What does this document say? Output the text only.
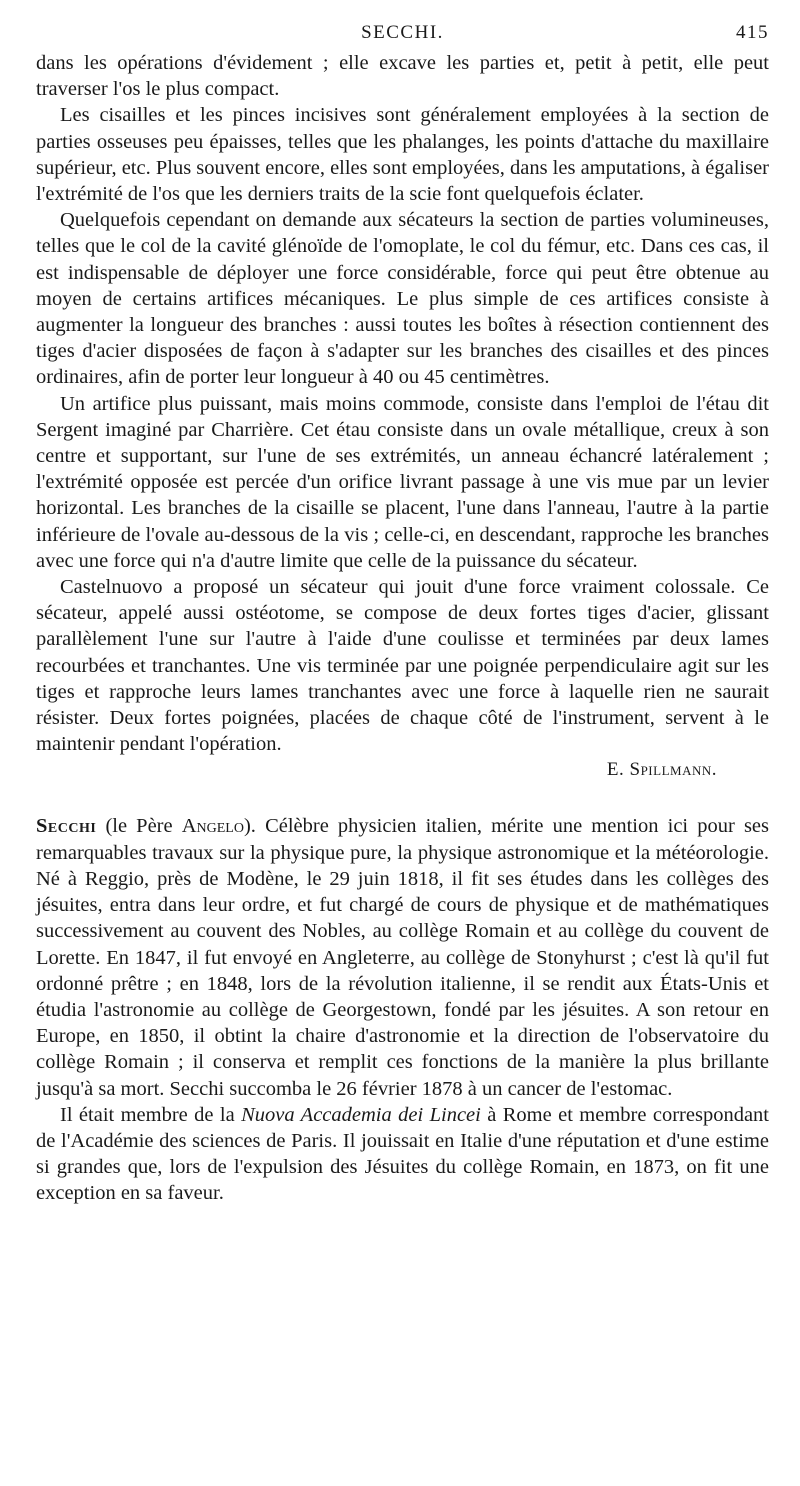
SECCHI.	415

dans les opérations d'évidement ; elle excave les parties et, petit à petit, elle peut traverser l'os le plus compact.

Les cisailles et les pinces incisives sont généralement employées à la section de parties osseuses peu épaisses, telles que les phalanges, les points d'attache du maxillaire supérieur, etc. Plus souvent encore, elles sont employées, dans les amputations, à égaliser l'extrémité de l'os que les derniers traits de la scie font quelquefois éclater.

Quelquefois cependant on demande aux sécateurs la section de parties volumineuses, telles que le col de la cavité glénoïde de l'omoplate, le col du fémur, etc. Dans ces cas, il est indispensable de déployer une force considérable, force qui peut être obtenue au moyen de certains artifices mécaniques. Le plus simple de ces artifices consiste à augmenter la longueur des branches : aussi toutes les boîtes à résection contiennent des tiges d'acier disposées de façon à s'adapter sur les branches des cisailles et des pinces ordinaires, afin de porter leur longueur à 40 ou 45 centimètres.

Un artifice plus puissant, mais moins commode, consiste dans l'emploi de l'étau dit Sergent imaginé par Charrière. Cet étau consiste dans un ovale métallique, creux à son centre et supportant, sur l'une de ses extrémités, un anneau échancré latéralement ; l'extrémité opposée est percée d'un orifice livrant passage à une vis mue par un levier horizontal. Les branches de la cisaille se placent, l'une dans l'anneau, l'autre à la partie inférieure de l'ovale au-dessous de la vis ; celle-ci, en descendant, rapproche les branches avec une force qui n'a d'autre limite que celle de la puissance du sécateur.

Castelnuovo a proposé un sécateur qui jouit d'une force vraiment colossale. Ce sécateur, appelé aussi ostéotome, se compose de deux fortes tiges d'acier, glissant parallèlement l'une sur l'autre à l'aide d'une coulisse et terminées par deux lames recourbées et tranchantes. Une vis terminée par une poignée perpendiculaire agit sur les tiges et rapproche leurs lames tranchantes avec une force à laquelle rien ne saurait résister. Deux fortes poignées, placées de chaque côté de l'instrument, servent à le maintenir pendant l'opération.

E. Spillmann.

Secchi (le Père Angelo). Célèbre physicien italien, mérite une mention ici pour ses remarquables travaux sur la physique pure, la physique astronomique et la météorologie. Né à Reggio, près de Modène, le 29 juin 1818, il fit ses études dans les collèges des jésuites, entra dans leur ordre, et fut chargé de cours de physique et de mathématiques successivement au couvent des Nobles, au collège Romain et au collège du couvent de Lorette. En 1847, il fut envoyé en Angleterre, au collège de Stonyhurst ; c'est là qu'il fut ordonné prêtre ; en 1848, lors de la révolution italienne, il se rendit aux États-Unis et étudia l'astronomie au collège de Georgestown, fondé par les jésuites. A son retour en Europe, en 1850, il obtint la chaire d'astronomie et la direction de l'observatoire du collège Romain ; il conserva et remplit ces fonctions de la manière la plus brillante jusqu'à sa mort. Secchi succomba le 26 février 1878 à un cancer de l'estomac.

Il était membre de la Nuova Accademia dei Lincei à Rome et membre correspondant de l'Académie des sciences de Paris. Il jouissait en Italie d'une réputation et d'une estime si grandes que, lors de l'expulsion des Jésuites du collège Romain, en 1873, on fit une exception en sa faveur.
